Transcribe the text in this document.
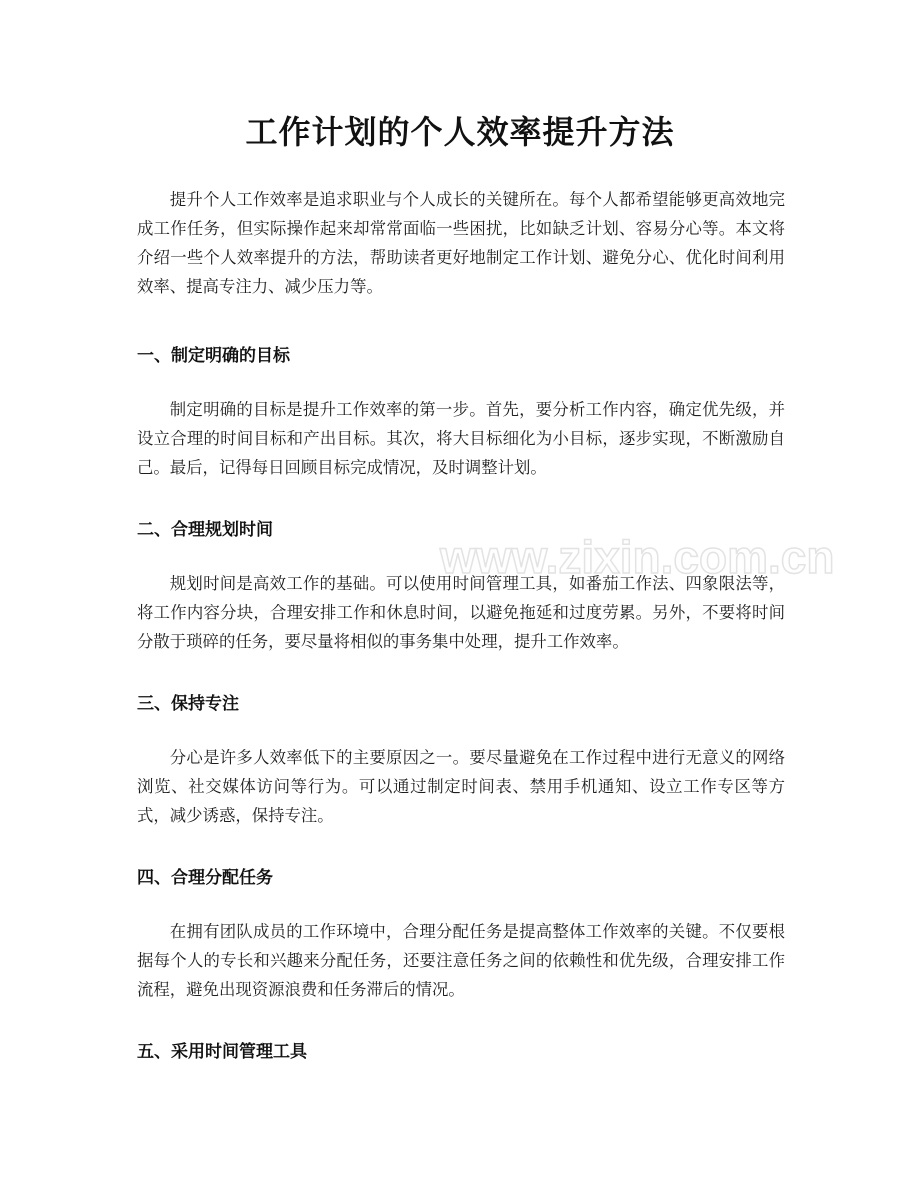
工作计划的个人效率提升方法

提升个人工作效率是追求职业与个人成长的关键所在。每个人都希望能够更高效地完成工作任务，但实际操作起来却常常面临一些困扰，比如缺乏计划、容易分心等。本文将介绍一些个人效率提升的方法，帮助读者更好地制定工作计划、避免分心、优化时间利用效率、提高专注力、减少压力等。

一、制定明确的目标

制定明确的目标是提升工作效率的第一步。首先，要分析工作内容，确定优先级，并设立合理的时间目标和产出目标。其次，将大目标细化为小目标，逐步实现，不断激励自己。最后，记得每日回顾目标完成情况，及时调整计划。

二、合理规划时间

规划时间是高效工作的基础。可以使用时间管理工具，如番茄工作法、四象限法等，将工作内容分块，合理安排工作和休息时间，以避免拖延和过度劳累。另外，不要将时间分散于琐碎的任务，要尽量将相似的事务集中处理，提升工作效率。

三、保持专注

分心是许多人效率低下的主要原因之一。要尽量避免在工作过程中进行无意义的网络浏览、社交媒体访问等行为。可以通过制定时间表、禁用手机通知、设立工作专区等方式，减少诱惑，保持专注。

四、合理分配任务

在拥有团队成员的工作环境中，合理分配任务是提高整体工作效率的关键。不仅要根据每个人的专长和兴趣来分配任务，还要注意任务之间的依赖性和优先级，合理安排工作流程，避免出现资源浪费和任务滞后的情况。

五、采用时间管理工具
www.zixin.com.cn
